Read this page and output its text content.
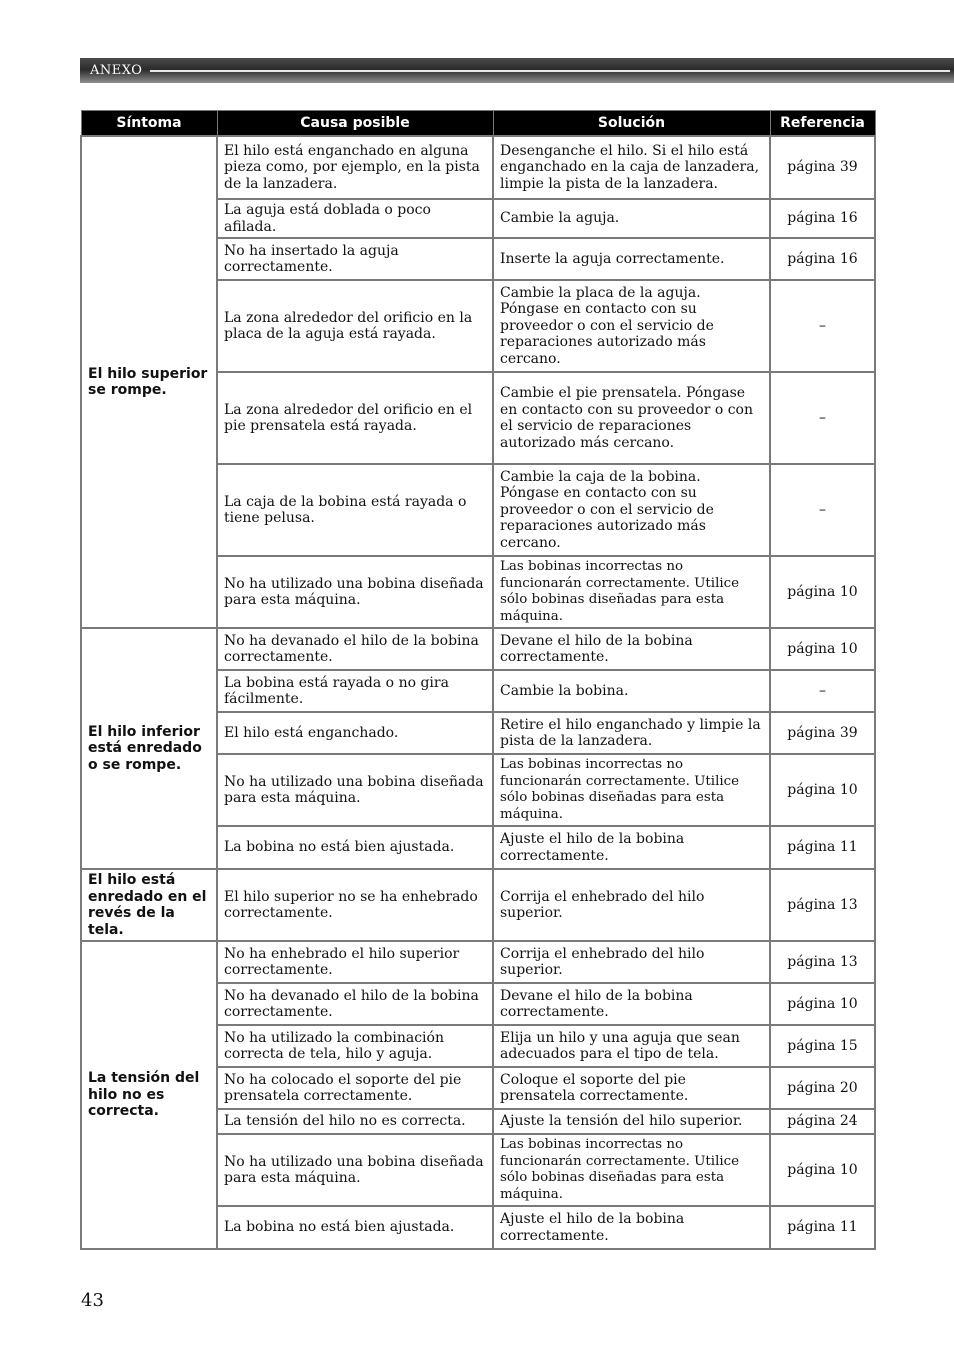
ANEXO
Síntoma	Causa posible	Solución	Referencia
El hilo superior se rompe.	El hilo está enganchado en alguna pieza como, por ejemplo, en la pista de la lanzadera.	Desenganche el hilo. Si el hilo está enganchado en la caja de lanzadera, limpie la pista de la lanzadera.	página 39
	La aguja está doblada o poco afilada.	Cambie la aguja.	página 16
	No ha insertado la aguja correctamente.	Inserte la aguja correctamente.	página 16
	La zona alrededor del orificio en la placa de la aguja está rayada.	Cambie la placa de la aguja. Póngase en contacto con su proveedor o con el servicio de reparaciones autorizado más cercano.	–
	La zona alrededor del orificio en el pie prensatela está rayada.	Cambie el pie prensatela. Póngase en contacto con su proveedor o con el servicio de reparaciones autorizado más cercano.	–
	La caja de la bobina está rayada o tiene pelusa.	Cambie la caja de la bobina. Póngase en contacto con su proveedor o con el servicio de reparaciones autorizado más cercano.	–
	No ha utilizado una bobina diseñada para esta máquina.	Las bobinas incorrectas no funcionarán correctamente. Utilice sólo bobinas diseñadas para esta máquina.	página 10
El hilo inferior está enredado o se rompe.	No ha devanado el hilo de la bobina correctamente.	Devane el hilo de la bobina correctamente.	página 10
	La bobina está rayada o no gira fácilmente.	Cambie la bobina.	–
	El hilo está enganchado.	Retire el hilo enganchado y limpie la pista de la lanzadera.	página 39
	No ha utilizado una bobina diseñada para esta máquina.	Las bobinas incorrectas no funcionarán correctamente. Utilice sólo bobinas diseñadas para esta máquina.	página 10
	La bobina no está bien ajustada.	Ajuste el hilo de la bobina correctamente.	página 11
El hilo está enredado en el revés de la tela.	El hilo superior no se ha enhebrado correctamente.	Corrija el enhebrado del hilo superior.	página 13
La tensión del hilo no es correcta.	No ha enhebrado el hilo superior correctamente.	Corrija el enhebrado del hilo superior.	página 13
	No ha devanado el hilo de la bobina correctamente.	Devane el hilo de la bobina correctamente.	página 10
	No ha utilizado la combinación correcta de tela, hilo y aguja.	Elija un hilo y una aguja que sean adecuados para el tipo de tela.	página 15
	No ha colocado el soporte del pie prensatela correctamente.	Coloque el soporte del pie prensatela correctamente.	página 20
	La tensión del hilo no es correcta.	Ajuste la tensión del hilo superior.	página 24
	No ha utilizado una bobina diseñada para esta máquina.	Las bobinas incorrectas no funcionarán correctamente. Utilice sólo bobinas diseñadas para esta máquina.	página 10
	La bobina no está bien ajustada.	Ajuste el hilo de la bobina correctamente.	página 11
43
